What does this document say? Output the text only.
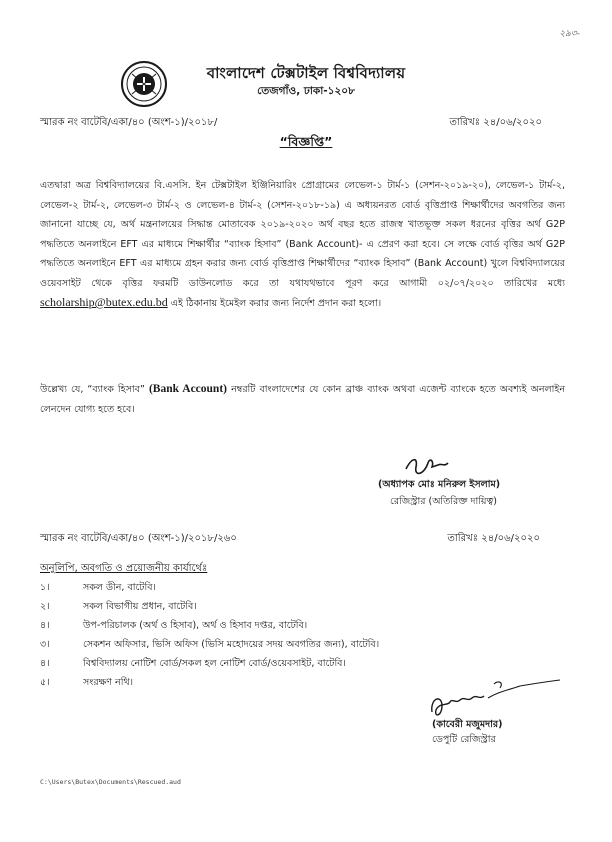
২৯৩-
বাংলাদেশ টেক্সটাইল বিশ্ববিদ্যালয়
তেজগাঁও, ঢাকা-১২০৮
স্মারক নং বাটেবি/একা/৪০ (অংশ-১)/২০১৮/	তারিখঃ ২৪/০৬/২০২০
“বিজ্ঞপ্তি”
এতদ্বারা অত্র বিশ্ববিদ্যালয়ের বি.এসসি. ইন টেক্সটাইল ইঞ্জিনিয়ারিং প্রোগ্রামের লেভেল-১ টার্ম-১ (সেশন-২০১৯-২০), লেভেল-১ টার্ম-২, লেভেল-২ টার্ম-২, লেভেল-৩ টার্ম-২ ও লেভেল-৪ টার্ম-২ (সেশন-২০১৮-১৯) এ অধ্যয়নরত বোর্ড বৃত্তিপ্রাপ্ত শিক্ষার্থীদের অবগতির জন্য জানানো যাচ্ছে যে, অর্থ মন্ত্রনালয়ের সিদ্ধান্ত মোতাবেক ২০১৯-২০২০ অর্থ বছর হতে রাজস্ব খাতভূক্ত সকল ধরনের বৃত্তির অর্থ G2P পদ্ধতিতে অনলাইনে EFT এর মাধ্যমে শিক্ষার্থীর “ব্যাংক হিসাব” (Bank Account)- এ প্রেরণ করা হবে। সে লক্ষে বোর্ড বৃত্তির অর্থ G2P পদ্ধতিতে অনলাইনে EFT এর মাধ্যমে গ্রহন করার জন্য বোর্ড বৃত্তিপ্রাপ্ত শিক্ষার্থীদের “ব্যাংক হিসাব” (Bank Account) খুলে বিশ্ববিদ্যালয়ের ওয়েবসাইট থেকে বৃত্তির ফরমটি ডাউনলোড করে তা যথাযথভাবে পূরণ করে আগামী ০২/০৭/২০২০ তারিখের মধ্যে scholarship@butex.edu.bd এই ঠিকানায় ইমেইল করার জন্য নির্দেশ প্রদান করা হলো।
উল্লেখ্য যে, “ব্যাংক হিসাব” (Bank Account) নম্বরটি বাংলাদেশের যে কোন ব্রাঞ্চ ব্যাংক অথবা এজেন্ট ব্যাংকে হতে অবশ্যই অনলাইন লেনদেন যোগ্য হতে হবে।
(অধ্যাপক মোঃ মনিরুল ইসলাম)
রেজিস্ট্রার (অতিরিক্ত দায়িত্ব)
স্মারক নং বাটেবি/একা/৪০ (অংশ-১)/২০১৮/২৬০	তারিখঃ ২৪/০৬/২০২০
অনুলিপি, অবগতি ও প্রয়োজনীয় কার্যার্থেঃ
১।	সকল ডীন, বাটেবি।
২।	সকল বিভাগীয় প্রধান, বাটেবি।
৪।	উপ-পরিচালক (অর্থ ও হিসাব), অর্থ ও হিসাব দপ্তর, বাটেবি।
৩।	সেকশন অফিসার, ভিসি অফিস (ভিসি মহোদয়ের সদয় অবগতির জন্য), বাটেবি।
৪।	বিশ্ববিদ্যালয় নোটিশ বোর্ড/সকল হল নোটিশ বোর্ড/ওয়েবসাইট, বাটেবি।
৫।	সংরক্ষণ নথি।
(কাবেরী মজুমদার)
ডেপুটি রেজিস্ট্রার
C:\Users\Butex\Documents\Rescued.aud
